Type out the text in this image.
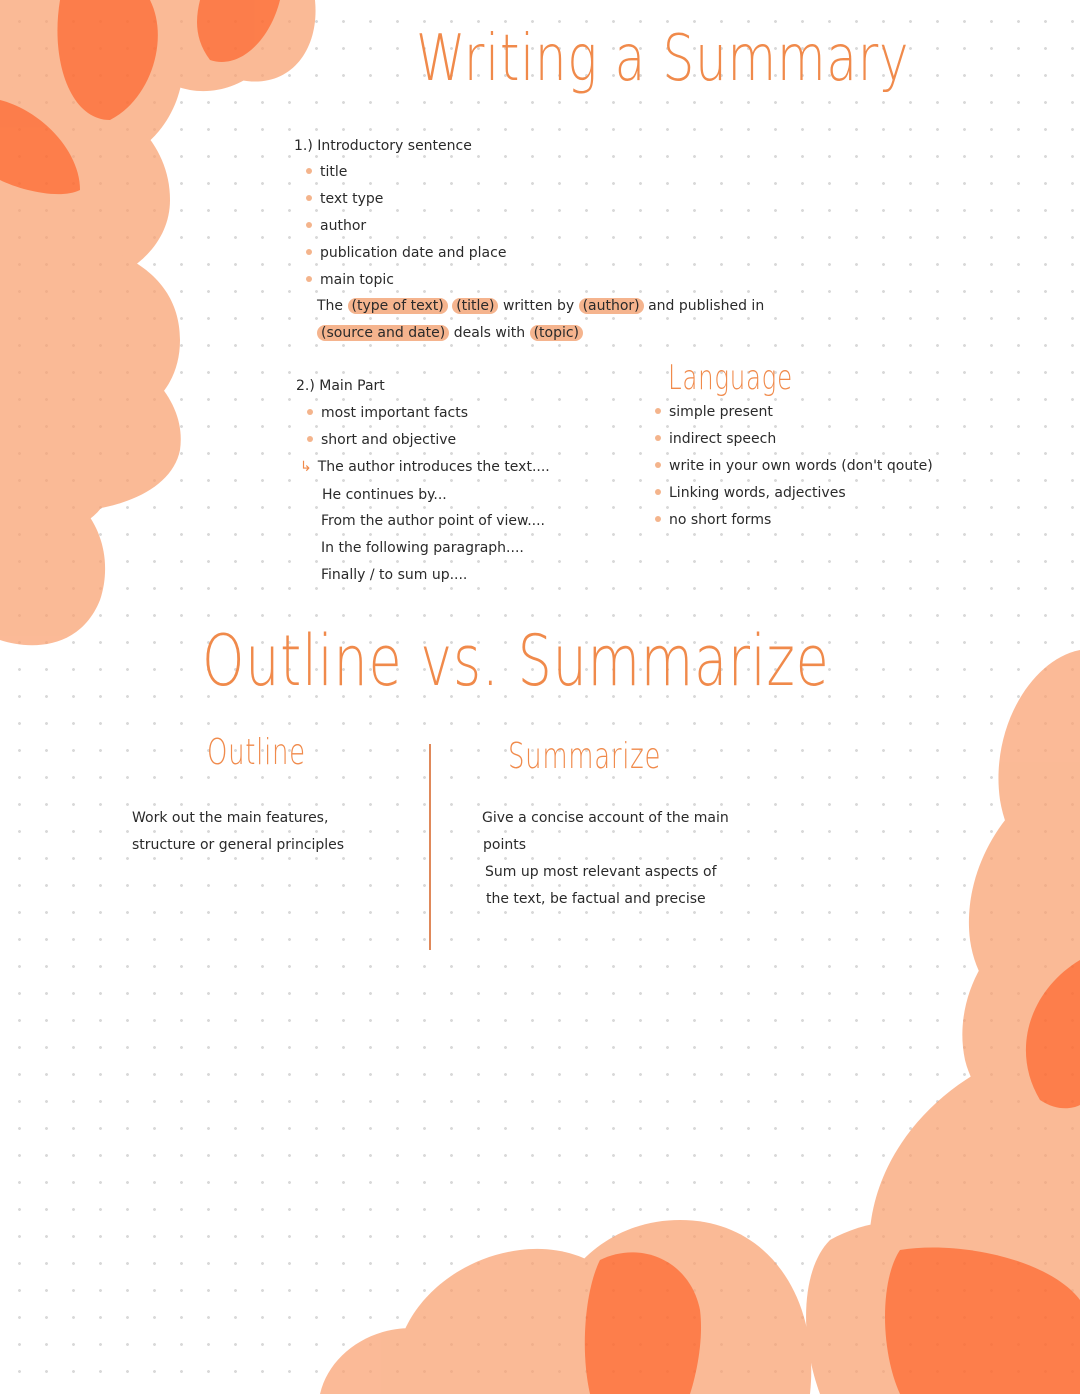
Writing a Summary
1.) Introductory sentence
title
text type
author
publication date and place
main topic
The (type of text) (title) written by (author) and published in
(source and date) deals with (topic)
2.) Main Part
most important facts
short and objective
↳ The author introduces the text....
He continues by...
From the author point of view....
In the following paragraph....
Finally / to sum up....
Language
simple present
indirect speech
write in your own words (don't qoute)
Linking words, adjectives
no short forms
Outline vs. Summarize
Outline
Work out the main features,
structure or general principles
Summarize
Give a concise account of the main
points
Sum up most relevant aspects of
the text, be factual and precise
